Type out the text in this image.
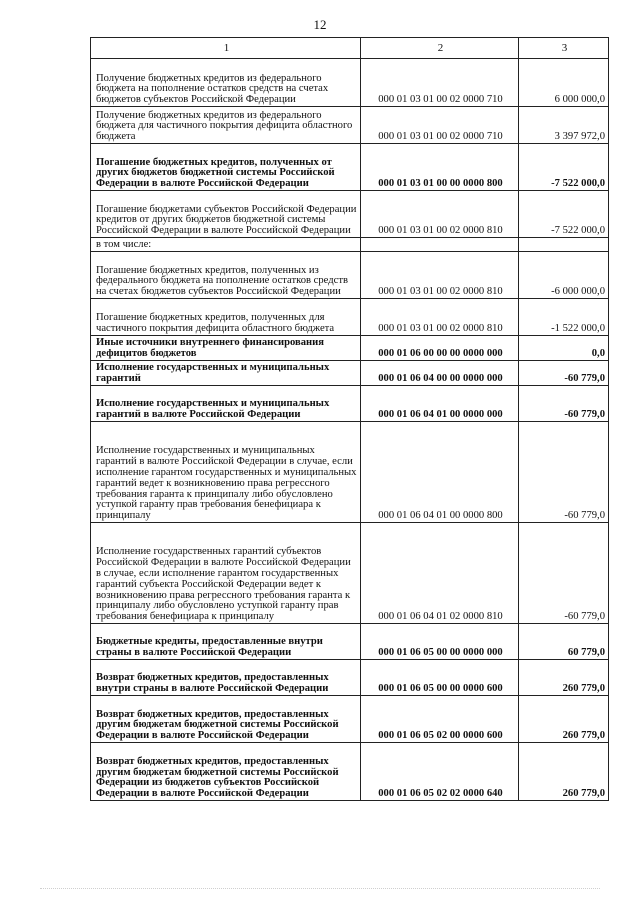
12
1	2	3
Получение бюджетных кредитов из федерального бюджета на пополнение остатков средств на счетах бюджетов субъектов Российской Федерации	000 01 03 01 00 02 0000 710	6 000 000,0
Получение бюджетных кредитов из федерального бюджета для частичного покрытия дефицита областного бюджета	000 01 03 01 00 02 0000 710	3 397 972,0
Погашение бюджетных кредитов, полученных от других бюджетов бюджетной системы Российской Федерации в валюте Российской Федерации	000 01 03 01 00 00 0000 800	-7 522 000,0
Погашение бюджетами субъектов Российской Федерации кредитов от других бюджетов бюджетной системы Российской Федерации в валюте Российской Федерации	000 01 03 01 00 02 0000 810	-7 522 000,0
в том числе:		
Погашение бюджетных кредитов, полученных из федерального бюджета на пополнение остатков средств на счетах бюджетов субъектов Российской Федерации	000 01 03 01 00 02 0000 810	-6 000 000,0
Погашение бюджетных кредитов, полученных для частичного покрытия дефицита областного бюджета	000 01 03 01 00 02 0000 810	-1 522 000,0
Иные источники внутреннего финансирования дефицитов бюджетов	000 01 06 00 00 00 0000 000	0,0
Исполнение государственных и муниципальных гарантий	000 01 06 04 00 00 0000 000	-60 779,0
Исполнение государственных и муниципальных гарантий в валюте Российской Федерации	000 01 06 04 01 00 0000 000	-60 779,0
Исполнение государственных и муниципальных гарантий в валюте Российской Федерации в случае, если исполнение гарантом государственных и муниципальных гарантий ведет к возникновению права регрессного требования гаранта к принципалу либо обусловлено уступкой гаранту прав требования бенефициара к принципалу	000 01 06 04 01 00 0000 800	-60 779,0
Исполнение государственных гарантий субъектов Российской Федерации в валюте Российской Федерации в случае, если исполнение гарантом государственных гарантий субъекта Российской Федерации ведет к возникновению права регрессного требования гаранта к принципалу либо обусловлено уступкой гаранту прав требования бенефициара к принципалу	000 01 06 04 01 02 0000 810	-60 779,0
Бюджетные кредиты, предоставленные внутри страны в валюте Российской Федерации	000 01 06 05 00 00 0000 000	60 779,0
Возврат бюджетных кредитов, предоставленных внутри страны в валюте Российской Федерации	000 01 06 05 00 00 0000 600	260 779,0
Возврат бюджетных кредитов, предоставленных другим бюджетам бюджетной системы Российской Федерации в валюте Российской Федерации	000 01 06 05 02 00 0000 600	260 779,0
Возврат бюджетных кредитов, предоставленных другим бюджетам бюджетной системы Российской Федерации из бюджетов субъектов Российской Федерации в валюте Российской Федерации	000 01 06 05 02 02 0000 640	260 779,0
